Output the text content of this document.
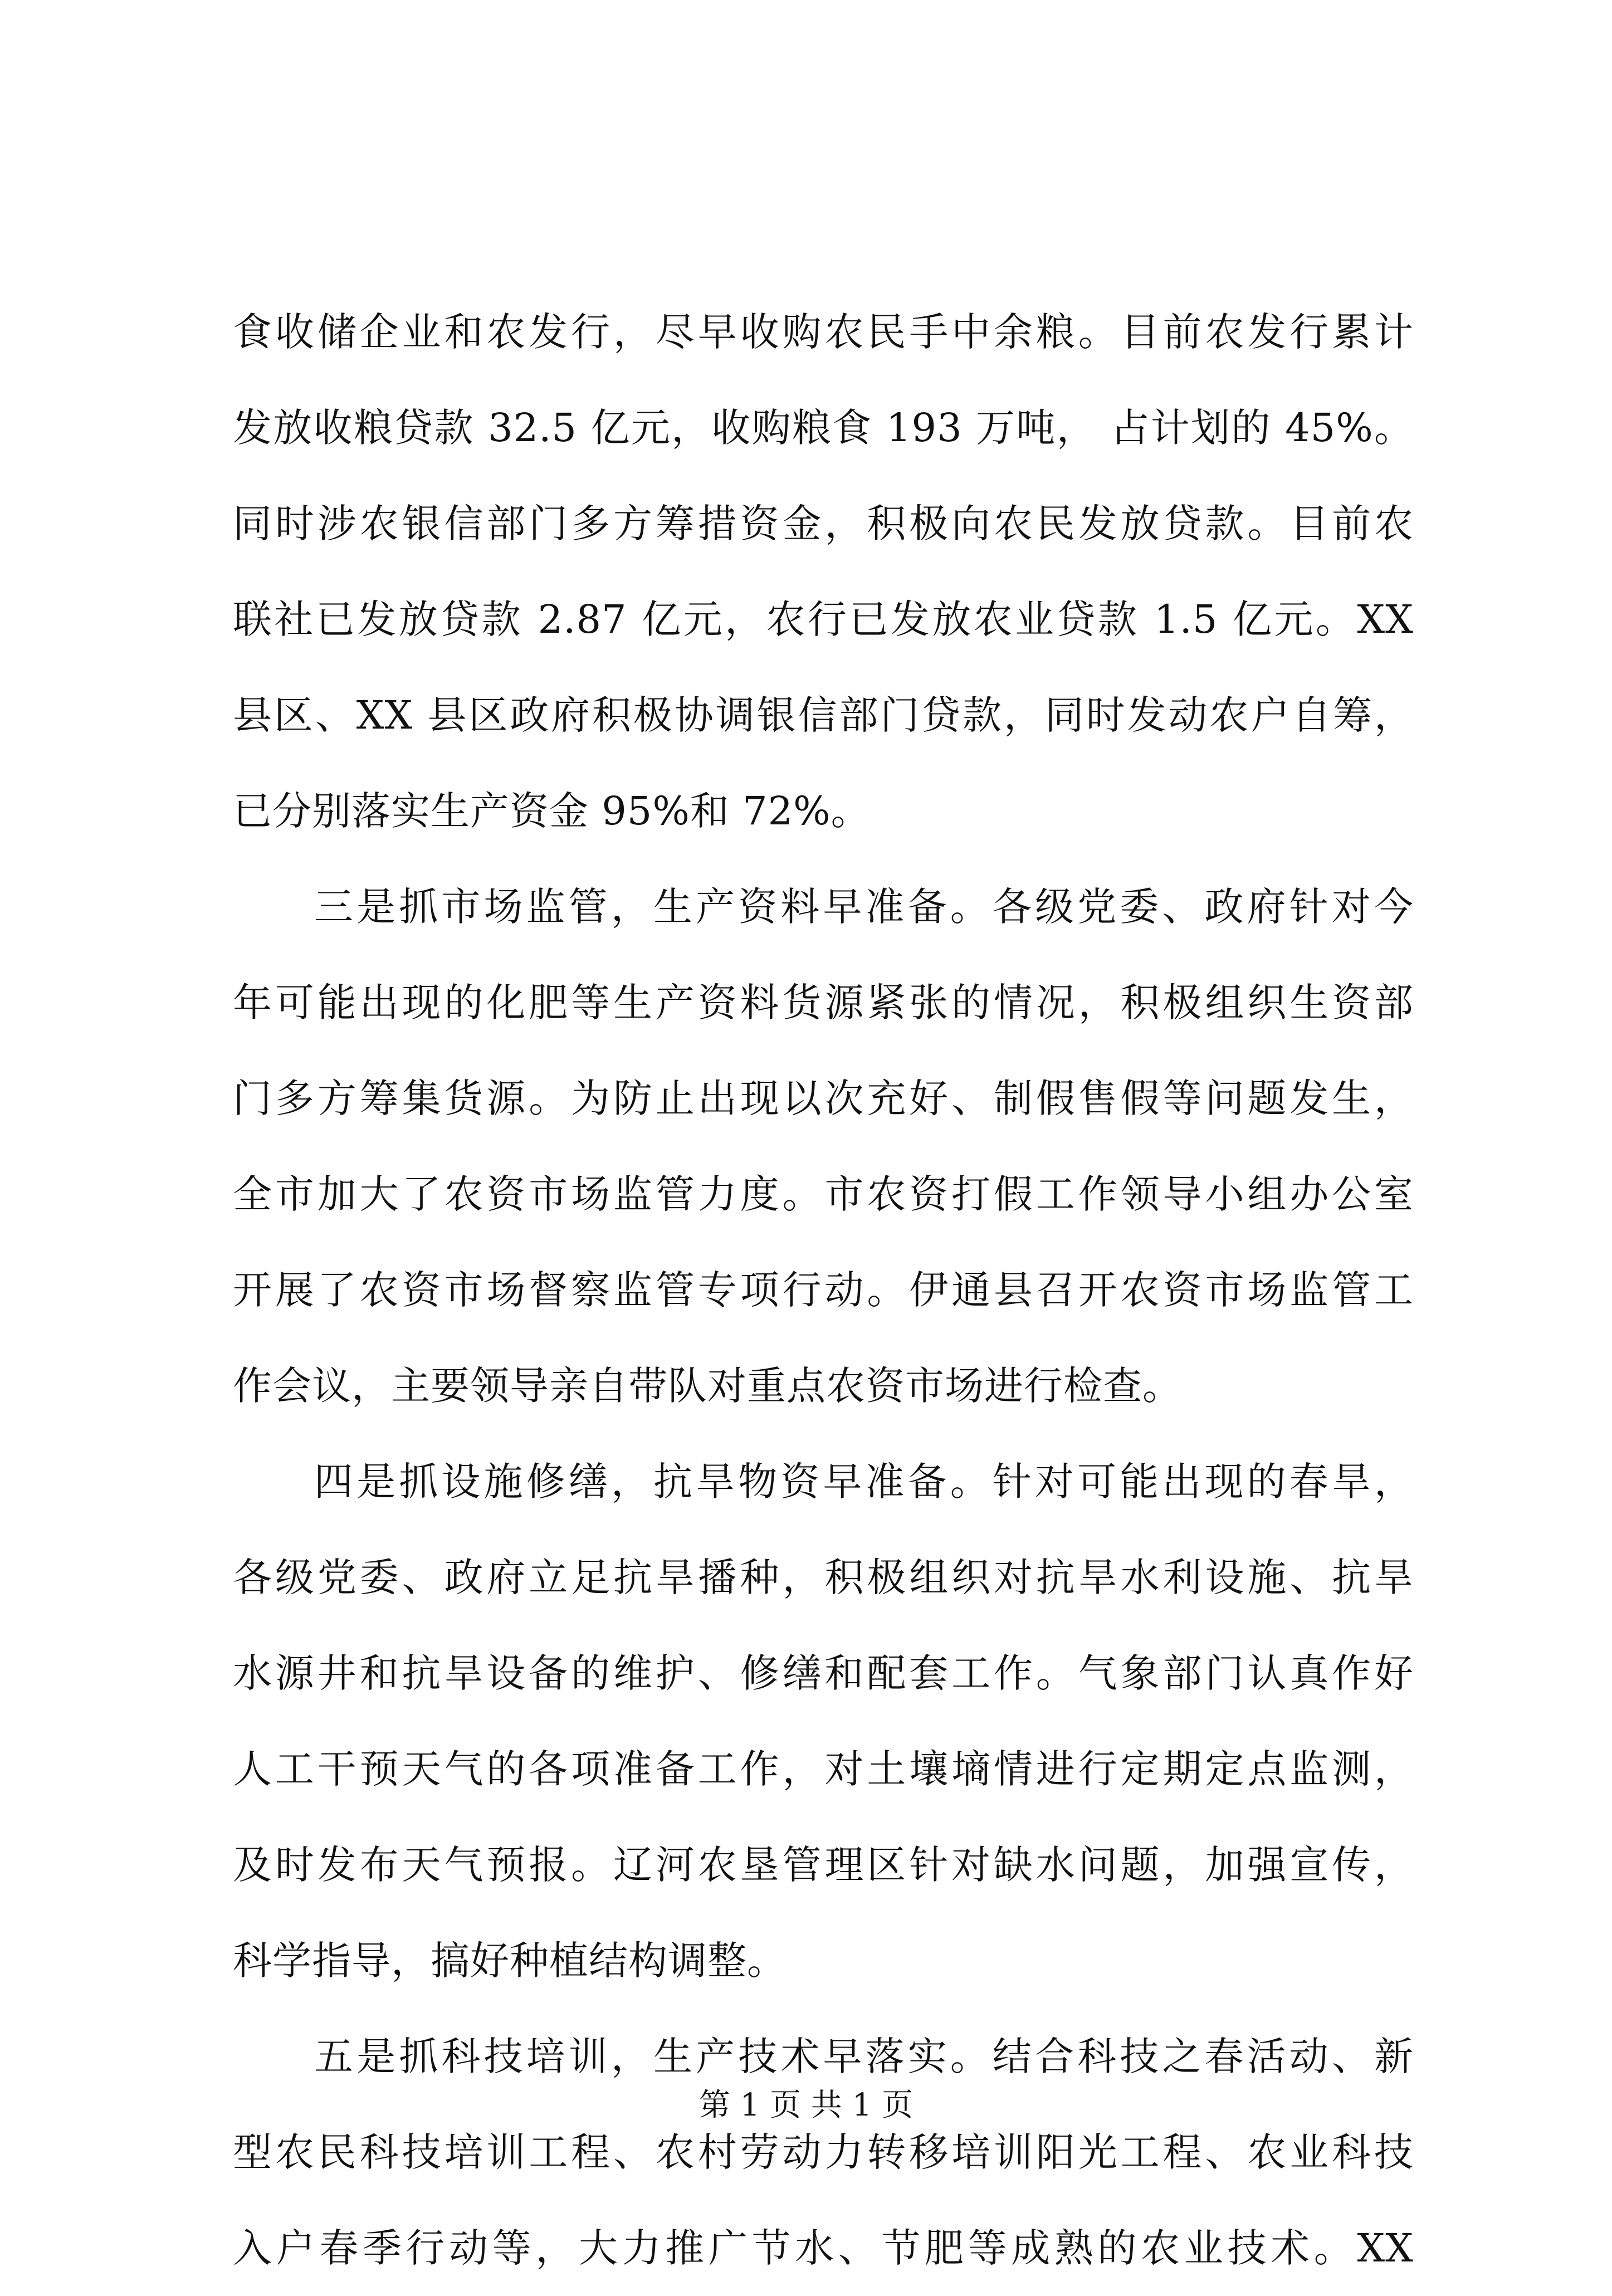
食收储企业和农发行，尽早收购农民手中余粮。目前农发行累计
发放收粮贷款 32.5 亿元，收购粮食 193 万吨， 占计划的 45%。
同时涉农银信部门多方筹措资金，积极向农民发放贷款。目前农
联社已发放贷款 2.87 亿元，农行已发放农业贷款 1.5 亿元。XX
县区、XX 县区政府积极协调银信部门贷款，同时发动农户自筹，
已分别落实生产资金 95%和 72%。
三是抓市场监管，生产资料早准备。各级党委、政府针对今
年可能出现的化肥等生产资料货源紧张的情况，积极组织生资部
门多方筹集货源。为防止出现以次充好、制假售假等问题发生，
全市加大了农资市场监管力度。市农资打假工作领导小组办公室
开展了农资市场督察监管专项行动。伊通县召开农资市场监管工
作会议，主要领导亲自带队对重点农资市场进行检查。
四是抓设施修缮，抗旱物资早准备。针对可能出现的春旱，
各级党委、政府立足抗旱播种，积极组织对抗旱水利设施、抗旱
水源井和抗旱设备的维护、修缮和配套工作。气象部门认真作好
人工干预天气的各项准备工作，对土壤墒情进行定期定点监测，
及时发布天气预报。辽河农垦管理区针对缺水问题，加强宣传，
科学指导，搞好种植结构调整。
五是抓科技培训，生产技术早落实。结合科技之春活动、新
型农民科技培训工程、农村劳动力转移培训阳光工程、农业科技
入户春季行动等，大力推广节水、节肥等成熟的农业技术。XX
第 1 页 共 1 页
